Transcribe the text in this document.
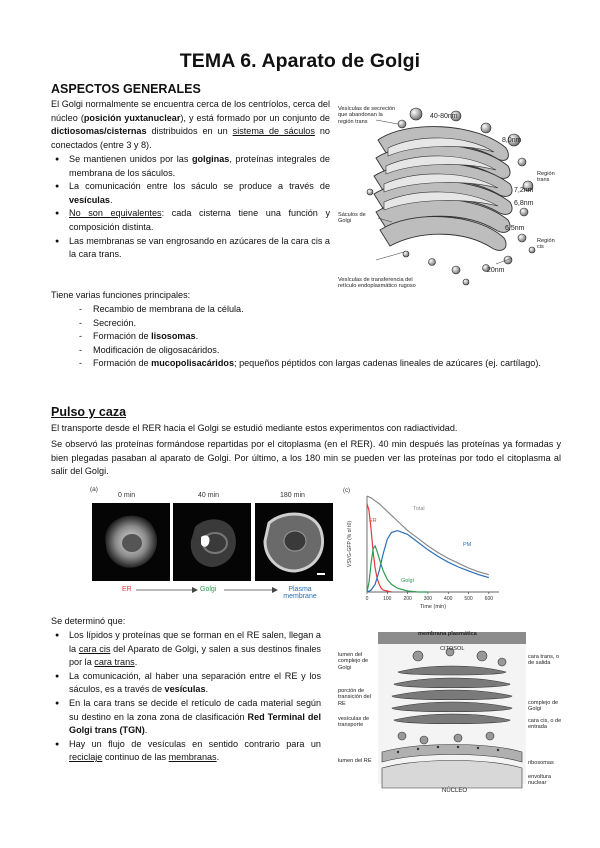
TEMA 6. Aparato de Golgi
ASPECTOS GENERALES
El Golgi normalmente se encuentra cerca de los centríolos, cerca del núcleo (posición yuxtanuclear), y está formado por un conjunto de dictiosomas/cisternas distribuidos en un sistema de sáculos no conectados (entre 3 y 8).
● Se mantienen unidos por las golginas, proteínas integrales de membrana de los sáculos.
● La comunicación entre los sáculo se produce a través de vesículas.
● No son equivalentes: cada cisterna tiene una función y composición distinta.
● Las membranas se van engrosando en azúcares de la cara cis a la cara trans.
Vesículas de secreción que abandonan la región trans
40-80nm
8,0nm
7,2nm
6,8nm
6,5nm
20nm
Región trans
Región cis
Sáculos de Golgi
Vesículas de transferencia del retículo endoplasmático rugoso
Tiene varias funciones principales:
- Recambio de membrana de la célula.
- Secreción.
- Formación de lisosomas.
- Modificación de oligosacáridos.
- Formación de mucopolisacáridos; pequeños péptidos con largas cadenas lineales de azúcares (ej. cartílago).
Pulso y caza
El transporte desde el RER hacia el Golgi se estudió mediante estos experimentos con radiactividad.
Se observó las proteínas formándose repartidas por el citoplasma (en el RER). 40 min después las proteínas ya formadas y bien plegadas pasaban al aparato de Golgi. Por último, a los 180 min se pueden ver las proteínas por todo el citoplasma al salir del Golgi.
(a)
0 min	40 min	180 min
ER	Golgi	Plasma membrane
(c)
0	100 200 300 400 500 600
Time (min)
VSVG-GFP (% of t0)
Total
ER
PM
Golgi
Se determinó que:
● Los lípidos y proteínas que se forman en el RE salen, llegan a la cara cis del Aparato de Golgi, y salen a sus destinos finales por la cara trans.
● La comunicación, al haber una separación entre el RE y los sáculos, es a través de vesículas.
● En la cara trans se decide el retículo de cada material según su destino en la zona zona de clasificación Red Terminal del Golgi trans (TGN).
● Hay un flujo de vesículas en sentido contrario para un reciclaje continuo de las membranas.
membrana plasmática
CITOSOL
lumen del complejo de Golgi
cara trans, o de salida
porción de transición del RE	complejo de Golgi
cara cis, o de entrada
vesículas de transporte
lumen del RE	ribosomas
envoltura nuclear
NÚCLEO
